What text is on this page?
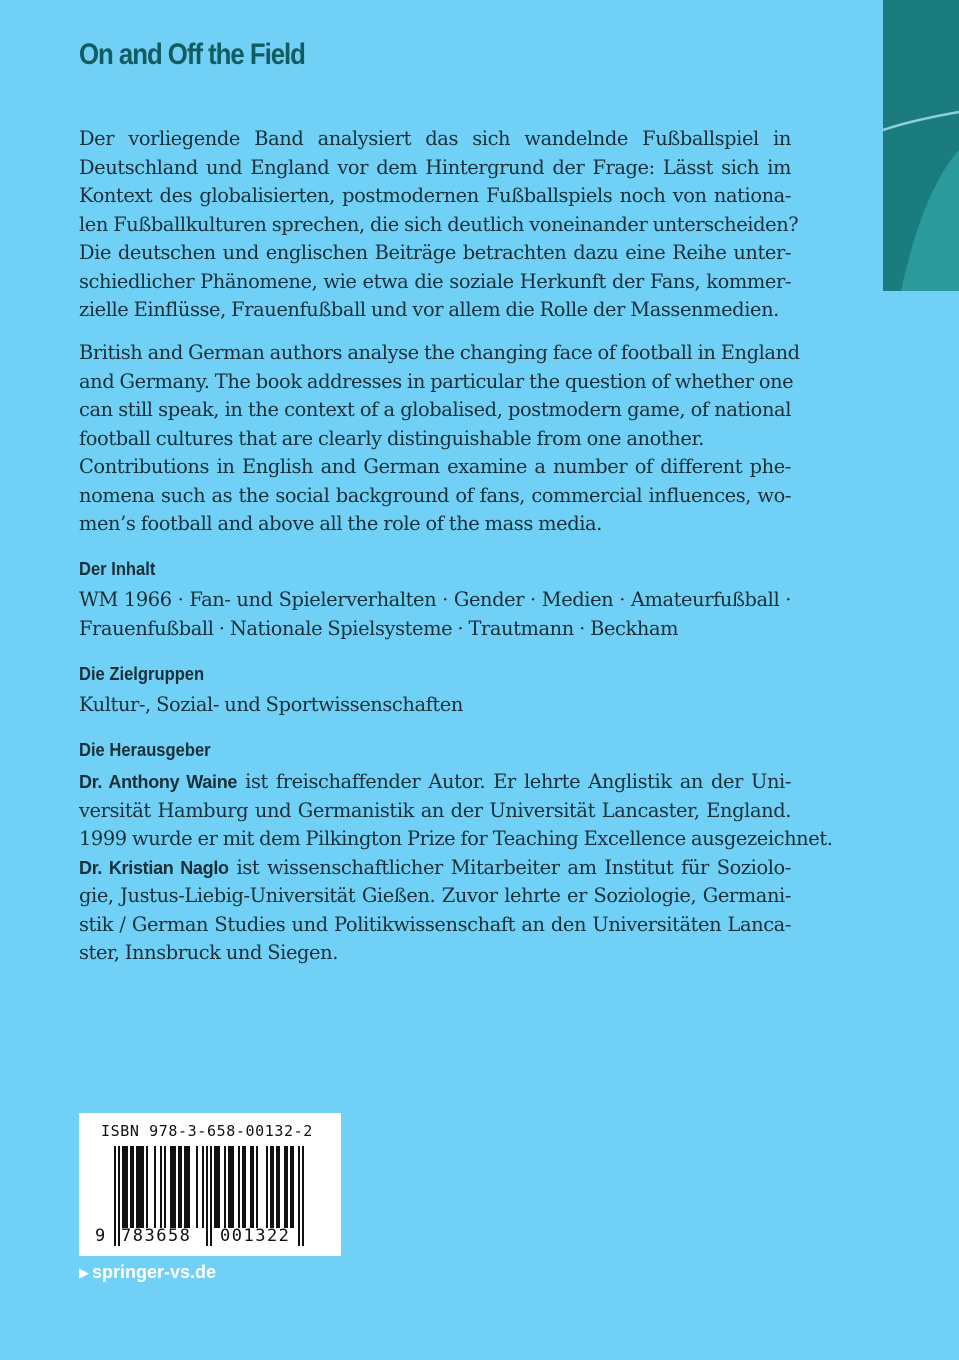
On and Off the Field
Der vorliegende Band analysiert das sich wandelnde Fußballspiel in
Deutschland und England vor dem Hintergrund der Frage: Lässt sich im
Kontext des globalisierten, postmodernen Fußballspiels noch von nationa-
len Fußballkulturen sprechen, die sich deutlich voneinander unterscheiden?
Die deutschen und englischen Beiträge betrachten dazu eine Reihe unter-
schiedlicher Phänomene, wie etwa die soziale Herkunft der Fans, kommer-
zielle Einflüsse, Frauenfußball und vor allem die Rolle der Massenmedien.
British and German authors analyse the changing face of football in England
and Germany. The book addresses in particular the question of whether one
can still speak, in the context of a globalised, postmodern game, of national
football cultures that are clearly distinguishable from one another.
Contributions in English and German examine a number of different phe-
nomena such as the social background of fans, commercial influences, wo-
men’s football and above all the role of the mass media.
Der Inhalt
WM 1966 · Fan- und Spielerverhalten · Gender · Medien · Amateurfußball ·
Frauenfußball · Nationale Spielsysteme · Trautmann · Beckham
Die Zielgruppen
Kultur-, Sozial- und Sportwissenschaften
Die Herausgeber
Dr. Anthony Waine ist freischaffender Autor. Er lehrte Anglistik an der Uni-
versität Hamburg und Germanistik an der Universität Lancaster, England.
1999 wurde er mit dem Pilkington Prize for Teaching Excellence ausgezeichnet.
Dr. Kristian Naglo ist wissenschaftlicher Mitarbeiter am Institut für Soziolo-
gie, Justus-Liebig-Universität Gießen. Zuvor lehrte er Soziologie, Germani-
stik / German Studies und Politikwissenschaft an den Universitäten Lanca-
ster, Innsbruck und Siegen.
ISBN 978-3-658-00132-2
9 783658 001322
▶ springer-vs.de
